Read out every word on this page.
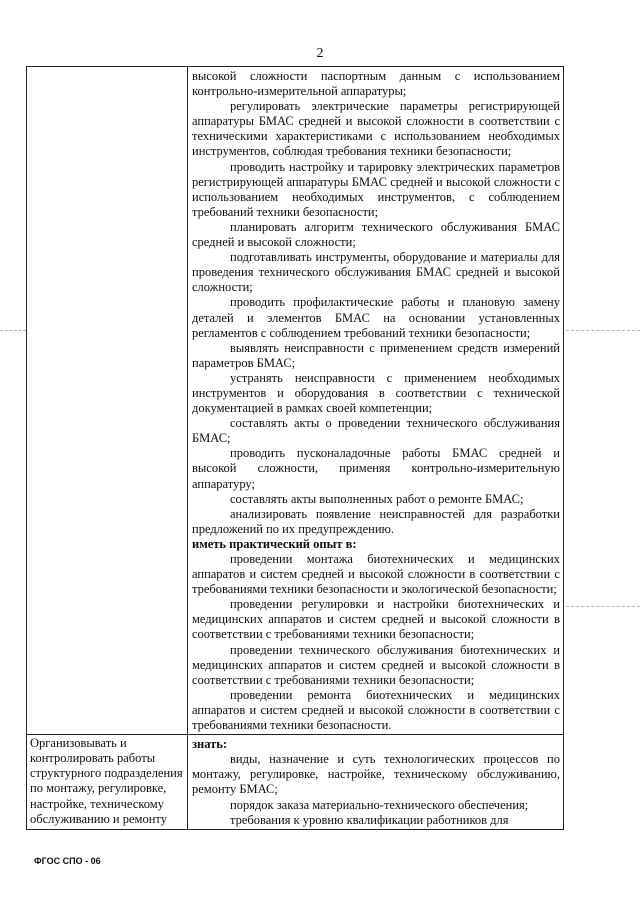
2

высокой сложности паспортным данным с использованием контрольно-измерительной аппаратуры;

регулировать электрические параметры регистрирующей аппаратуры БМАС средней и высокой сложности в соответствии с техническими характеристиками с использованием необходимых инструментов, соблюдая требования техники безопасности;

проводить настройку и тарировку электрических параметров регистрирующей аппаратуры БМАС средней и высокой сложности с использованием необходимых инструментов, с соблюдением требований техники безопасности;

планировать алгоритм технического обслуживания БМАС средней и высокой сложности;

подготавливать инструменты, оборудование и материалы для проведения технического обслуживания БМАС средней и высокой сложности;

проводить профилактические работы и плановую замену деталей и элементов БМАС на основании установленных регламентов с соблюдением требований техники безопасности;

выявлять неисправности с применением средств измерений параметров БМАС;

устранять неисправности с применением необходимых инструментов и оборудования в соответствии с технической документацией в рамках своей компетенции;

составлять акты о проведении технического обслуживания БМАС;

проводить пусконаладочные работы БМАС средней и высокой сложности, применяя контрольно-измерительную аппаратуру;

составлять акты выполненных работ о ремонте БМАС;

анализировать появление неисправностей для разработки предложений по их предупреждению.

иметь практический опыт в:

проведении монтажа биотехнических и медицинских аппаратов и систем средней и высокой сложности в соответствии с требованиями техники безопасности и экологической безопасности;

проведении регулировки и настройки биотехнических и медицинских аппаратов и систем средней и высокой сложности в соответствии с требованиями техники безопасности;

проведении технического обслуживания биотехнических и медицинских аппаратов и систем средней и высокой сложности в соответствии с требованиями техники безопасности;

проведении ремонта биотехнических и медицинских аппаратов и систем средней и высокой сложности в соответствии с требованиями техники безопасности.

Организовывать и контролировать работы структурного подразделения по монтажу, регулировке, настройке, техническому обслуживанию и ремонту

знать:

виды, назначение и суть технологических процессов по монтажу, регулировке, настройке, техническому обслуживанию, ремонту БМАС;

порядок заказа материально-технического обеспечения;

требования к уровню квалификации работников для

ФГОС СПО - 06
